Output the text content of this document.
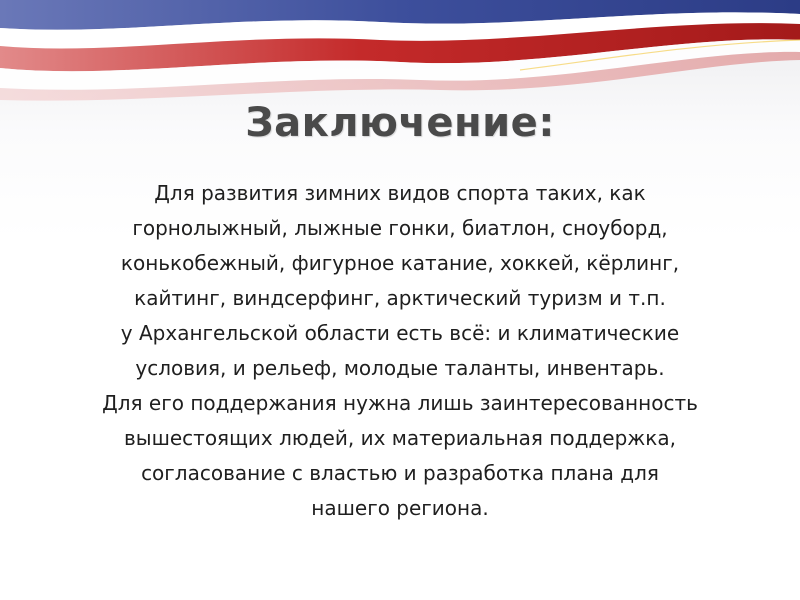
Заключение:

Для развития зимних видов спорта таких, как
горнолыжный, лыжные гонки, биатлон, сноуборд,
конькобежный, фигурное катание, хоккей, кёрлинг,
кайтинг, виндсерфинг, арктический туризм и т.п.

у Архангельской области есть всё: и климатические
условия, и рельеф, молодые таланты, инвентарь.

Для его поддержания нужна лишь заинтересованность
вышестоящих людей, их материальная поддержка,
согласование с властью и разработка плана для
нашего региона.
